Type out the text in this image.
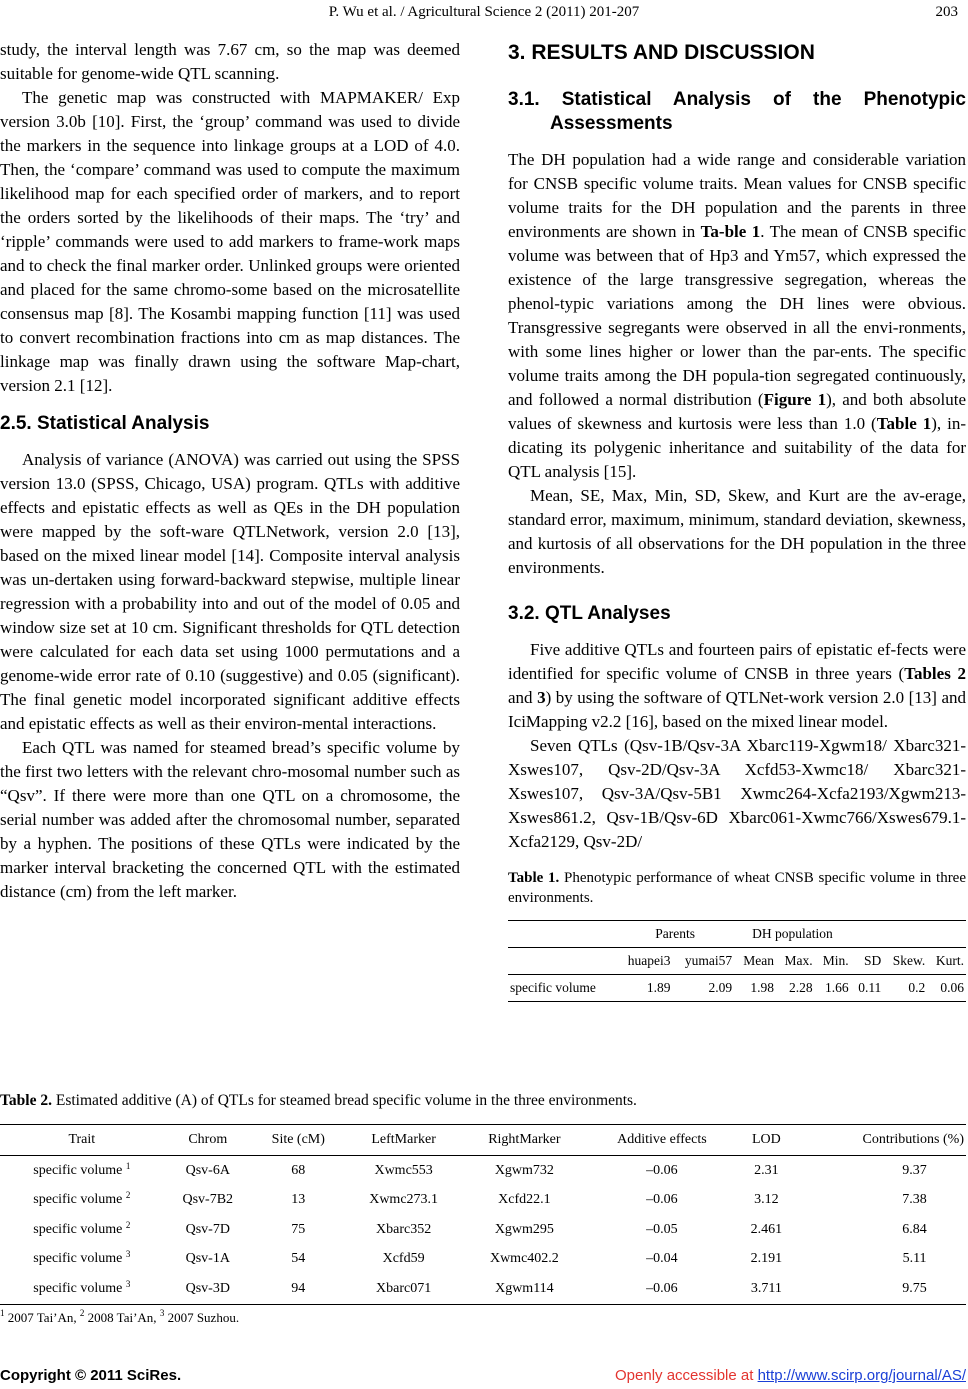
P. Wu et al. / Agricultural Science 2 (2011) 201-207	203

study, the interval length was 7.67 cm, so the map was deemed suitable for genome-wide QTL scanning.

The genetic map was constructed with MAPMAKER/ Exp version 3.0b [10]. First, the ‘group’ command was used to divide the markers in the sequence into linkage groups at a LOD of 4.0. Then, the ‘compare’ command was used to compute the maximum likelihood map for each specified order of markers, and to report the orders sorted by the likelihoods of their maps. The ‘try’ and ‘ripple’ commands were used to add markers to frame-work maps and to check the final marker order. Unlinked groups were oriented and placed for the same chromo-some based on the microsatellite consensus map [8]. The Kosambi mapping function [11] was used to convert recombination fractions into cm as map distances. The linkage map was finally drawn using the software Map-chart, version 2.1 [12].

2.5. Statistical Analysis

Analysis of variance (ANOVA) was carried out using the SPSS version 13.0 (SPSS, Chicago, USA) program. QTLs with additive effects and epistatic effects as well as QEs in the DH population were mapped by the soft-ware QTLNetwork, version 2.0 [13], based on the mixed linear model [14]. Composite interval analysis was un-dertaken using forward-backward stepwise, multiple linear regression with a probability into and out of the model of 0.05 and window size set at 10 cm. Significant thresholds for QTL detection were calculated for each data set using 1000 permutations and a genome-wide error rate of 0.10 (suggestive) and 0.05 (significant). The final genetic model incorporated significant additive effects and epistatic effects as well as their environ-mental interactions.

Each QTL was named for steamed bread’s specific volume by the first two letters with the relevant chro-mosomal number such as “Qsv”. If there were more than one QTL on a chromosome, the serial number was added after the chromosomal number, separated by a hyphen. The positions of these QTLs were indicated by the marker interval bracketing the concerned QTL with the estimated distance (cm) from the left marker.

3. RESULTS AND DISCUSSION
3.1. Statistical Analysis of the Phenotypic Assessments

The DH population had a wide range and considerable variation for CNSB specific volume traits. Mean values for CNSB specific volume traits for the DH population and the parents in three environments are shown in Ta-ble 1. The mean of CNSB specific volume was between that of Hp3 and Ym57, which expressed the existence of the large transgressive segregation, whereas the phenol-typic variations among the DH lines were obvious. Transgressive segregants were observed in all the envi-ronments, with some lines higher or lower than the par-ents. The specific volume traits among the DH popula-tion segregated continuously, and followed a normal distribution (Figure 1), and both absolute values of skewness and kurtosis were less than 1.0 (Table 1), in-dicating its polygenic inheritance and suitability of the data for QTL analysis [15].

Mean, SE, Max, Min, SD, Skew, and Kurt are the av-erage, standard error, maximum, minimum, standard deviation, skewness, and kurtosis of all observations for the DH population in the three environments.

3.2. QTL Analyses

Five additive QTLs and fourteen pairs of epistatic ef-fects were identified for specific volume of CNSB in three years (Tables 2 and 3) by using the software of QTLNet-work version 2.0 [13] and IciMapping v2.2 [16], based on the mixed linear model.

Seven QTLs (Qsv-1B/Qsv-3A Xbarc119-Xgwm18/ Xbarc321-Xswes107, Qsv-2D/Qsv-3A Xcfd53-Xwmc18/ Xbarc321-Xswes107, Qsv-3A/Qsv-5B1 Xwmc264-Xcfa2193/Xgwm213-Xswes861.2, Qsv-1B/Qsv-6D Xbarc061-Xwmc766/Xswes679.1-Xcfa2129, Qsv-2D/

Table 1. Phenotypic performance of wheat CNSB specific volume in three environments.
	Parents		DH population					
	huapei3	yumai57	Mean	Max.	Min.	SD	Skew.	Kurt.
specific volume	1.89	2.09	1.98	2.28	1.66	0.11	0.2	0.06
Table 2. Estimated additive (A) of QTLs for steamed bread specific volume in the three environments.
Trait	Chrom	Site (cM)	LeftMarker	RightMarker	Additive effects	LOD	Contributions (%)
specific volume $^1$	Qsv-6A	68	Xwmc553	Xgwm732	–0.06	2.31	9.37
specific volume $^2$	Qsv-7B2	13	Xwmc273.1	Xcfd22.1	–0.06	3.12	7.38
specific volume $^2$	Qsv-7D	75	Xbarc352	Xgwm295	–0.05	2.461	6.84
specific volume $^3$	Qsv-1A	54	Xcfd59	Xwmc402.2	–0.04	2.191	5.11
specific volume $^3$	Qsv-3D	94	Xbarc071	Xgwm114	–0.06	3.711	9.75
$^1$ 2007 Tai’An, $^2$ 2008 Tai’An, $^3$ 2007 Suzhou.
Copyright © 2011 SciRes.	Openly accessible at http://www.scirp.org/journal/AS/
